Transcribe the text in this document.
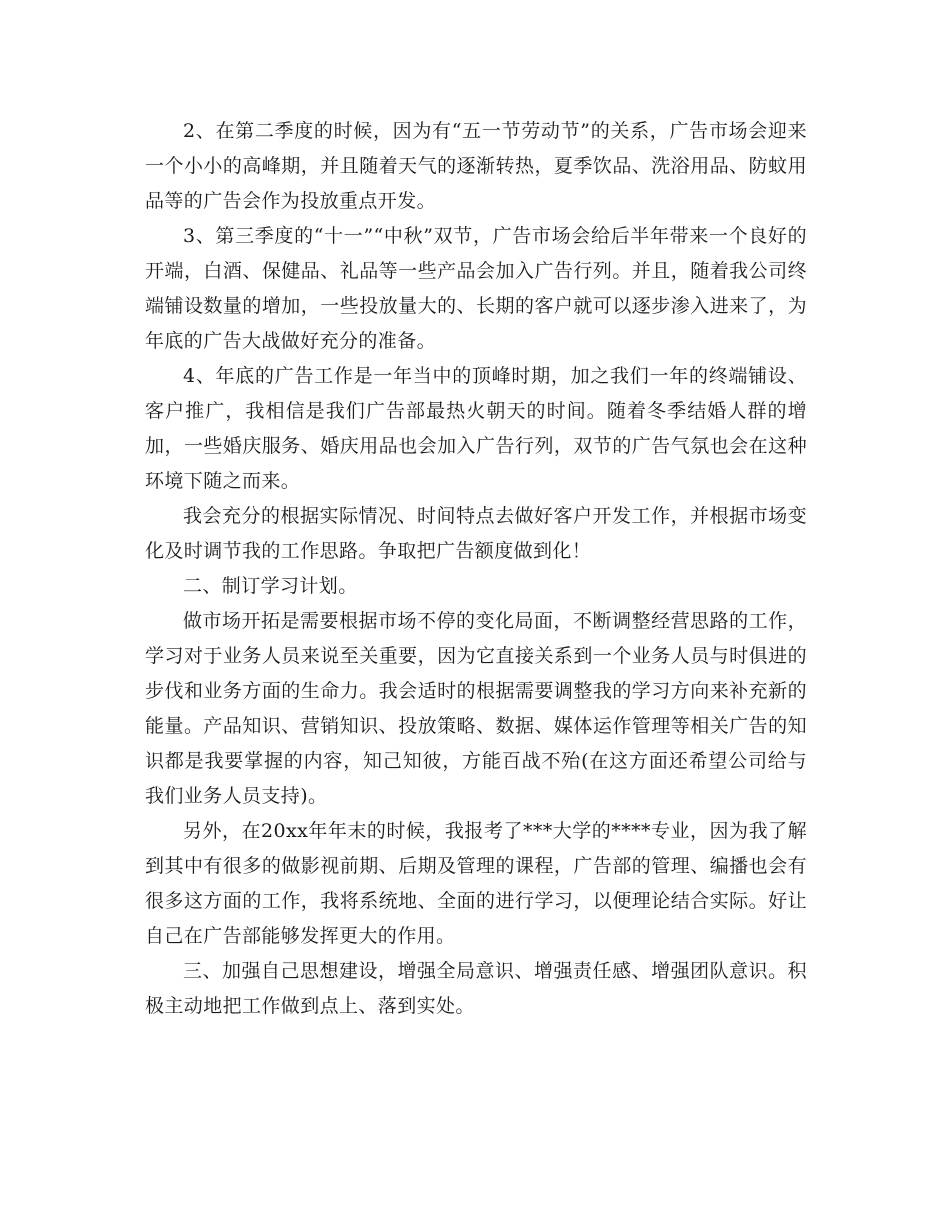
2、在第二季度的时候，因为有“五一节劳动节”的关系，广告市场会迎来一个小小的高峰期，并且随着天气的逐渐转热，夏季饮品、洗浴用品、防蚊用品等的广告会作为投放重点开发。

3、第三季度的“十一”“中秋”双节，广告市场会给后半年带来一个良好的开端，白酒、保健品、礼品等一些产品会加入广告行列。并且，随着我公司终端铺设数量的增加，一些投放量大的、长期的客户就可以逐步渗入进来了，为年底的广告大战做好充分的准备。

4、年底的广告工作是一年当中的顶峰时期，加之我们一年的终端铺设、客户推广，我相信是我们广告部最热火朝天的时间。随着冬季结婚人群的增加，一些婚庆服务、婚庆用品也会加入广告行列，双节的广告气氛也会在这种环境下随之而来。

我会充分的根据实际情况、时间特点去做好客户开发工作，并根据市场变化及时调节我的工作思路。争取把广告额度做到化！

二、制订学习计划。

做市场开拓是需要根据市场不停的变化局面，不断调整经营思路的工作，学习对于业务人员来说至关重要，因为它直接关系到一个业务人员与时俱进的步伐和业务方面的生命力。我会适时的根据需要调整我的学习方向来补充新的能量。产品知识、营销知识、投放策略、数据、媒体运作管理等相关广告的知识都是我要掌握的内容，知己知彼，方能百战不殆(在这方面还希望公司给与我们业务人员支持)。

另外，在20xx年年末的时候，我报考了***大学的****专业，因为我了解到其中有很多的做影视前期、后期及管理的课程，广告部的管理、编播也会有很多这方面的工作，我将系统地、全面的进行学习，以便理论结合实际。好让自己在广告部能够发挥更大的作用。

三、加强自己思想建设，增强全局意识、增强责任感、增强团队意识。积极主动地把工作做到点上、落到实处。
